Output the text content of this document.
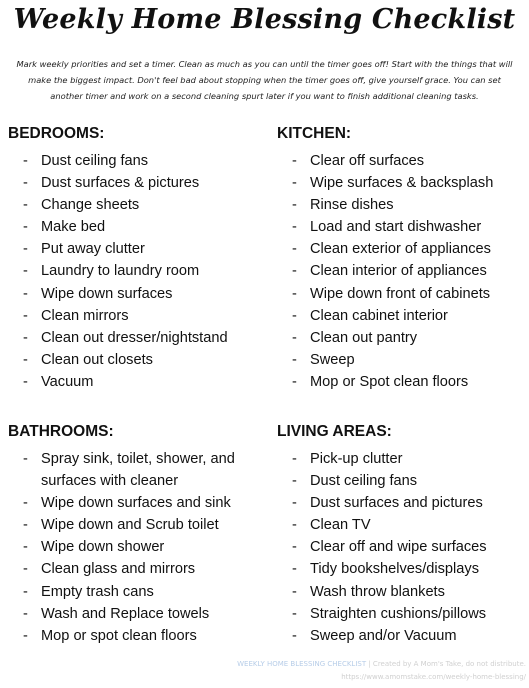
Weekly Home Blessing Checklist
Mark weekly priorities and set a timer. Clean as much as you can until the timer goes off! Start with the things that will make the biggest impact. Don't feel bad about stopping when the timer goes off, give yourself grace. You can set another timer and work on a second cleaning spurt later if you want to finish additional cleaning tasks.
BEDROOMS:
- Dust ceiling fans
- Dust surfaces & pictures
- Change sheets
- Make bed
- Put away clutter
- Laundry to laundry room
- Wipe down surfaces
- Clean mirrors
- Clean out dresser/nightstand
- Clean out closets
- Vacuum
KITCHEN:
- Clear off surfaces
- Wipe surfaces & backsplash
- Rinse dishes
- Load and start dishwasher
- Clean exterior of appliances
- Clean interior of appliances
- Wipe down front of cabinets
- Clean cabinet interior
- Clean out pantry
- Sweep
- Mop or Spot clean floors
BATHROOMS:
- Spray sink, toilet, shower, and surfaces with cleaner
- Wipe down surfaces and sink
- Wipe down and Scrub toilet
- Wipe down shower
- Clean glass and mirrors
- Empty trash cans
- Wash and Replace towels
- Mop or spot clean floors
LIVING AREAS:
- Pick-up clutter
- Dust ceiling fans
- Dust surfaces and pictures
- Clean TV
- Clear off and wipe surfaces
- Tidy bookshelves/displays
- Wash throw blankets
- Straighten cushions/pillows
- Sweep and/or Vacuum
WEEKLY HOME BLESSING CHECKLIST | Created by A Mom's Take, do not distribute.
https://www.amomstake.com/weekly-home-blessing/
